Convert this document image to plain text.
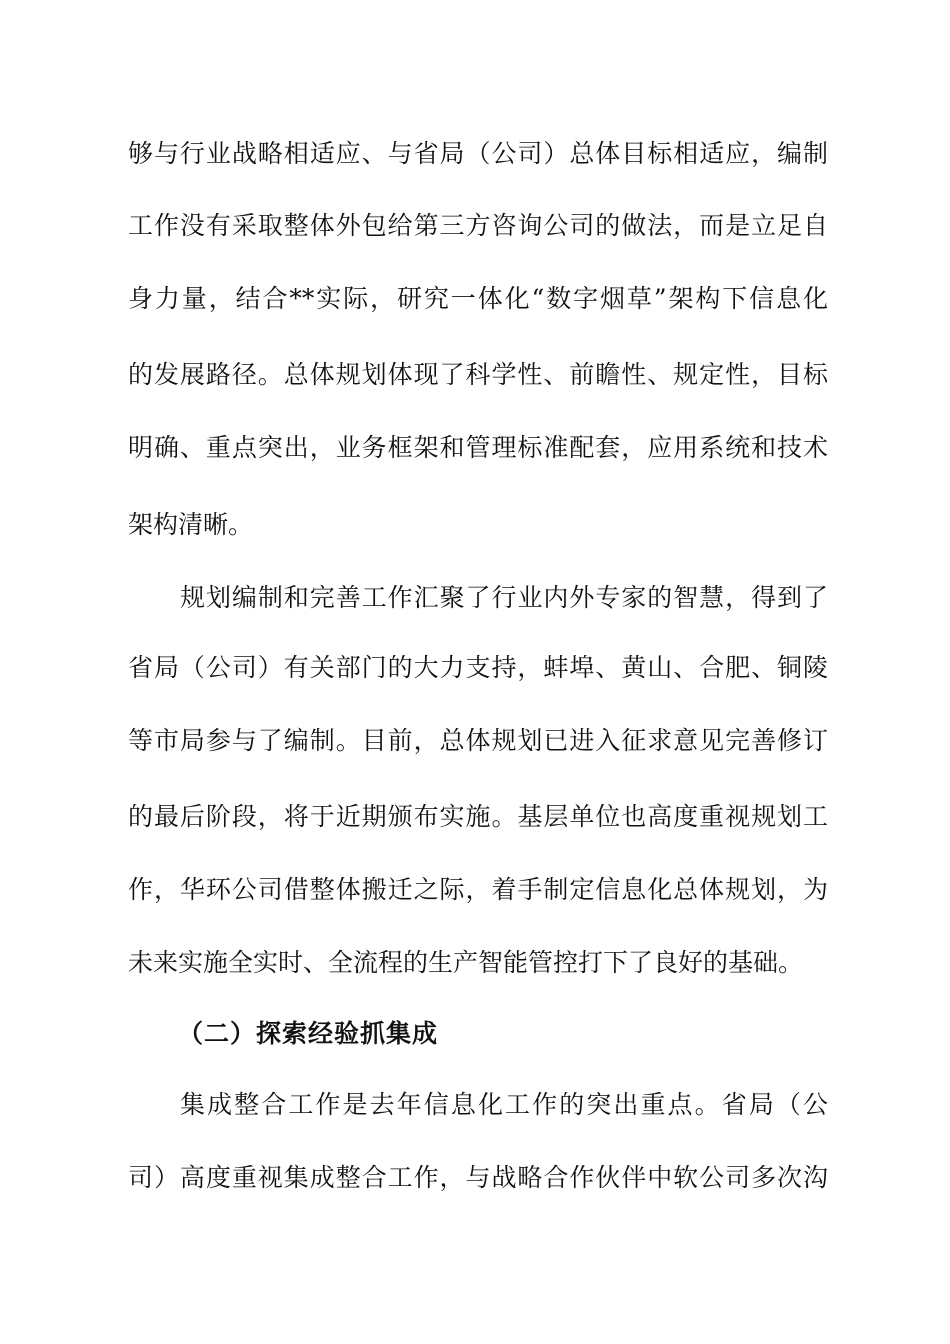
够与行业战略相适应、与省局（公司）总体目标相适应，编制
工作没有采取整体外包给第三方咨询公司的做法，而是立足自
身力量，结合**实际，研究一体化“数字烟草”架构下信息化
的发展路径。总体规划体现了科学性、前瞻性、规定性，目标
明确、重点突出，业务框架和管理标准配套，应用系统和技术
架构清晰。
规划编制和完善工作汇聚了行业内外专家的智慧，得到了
省局（公司）有关部门的大力支持，蚌埠、黄山、合肥、铜陵
等市局参与了编制。目前，总体规划已进入征求意见完善修订
的最后阶段，将于近期颁布实施。基层单位也高度重视规划工
作，华环公司借整体搬迁之际，着手制定信息化总体规划，为
未来实施全实时、全流程的生产智能管控打下了良好的基础。
（二）探索经验抓集成
集成整合工作是去年信息化工作的突出重点。省局（公
司）高度重视集成整合工作，与战略合作伙伴中软公司多次沟
